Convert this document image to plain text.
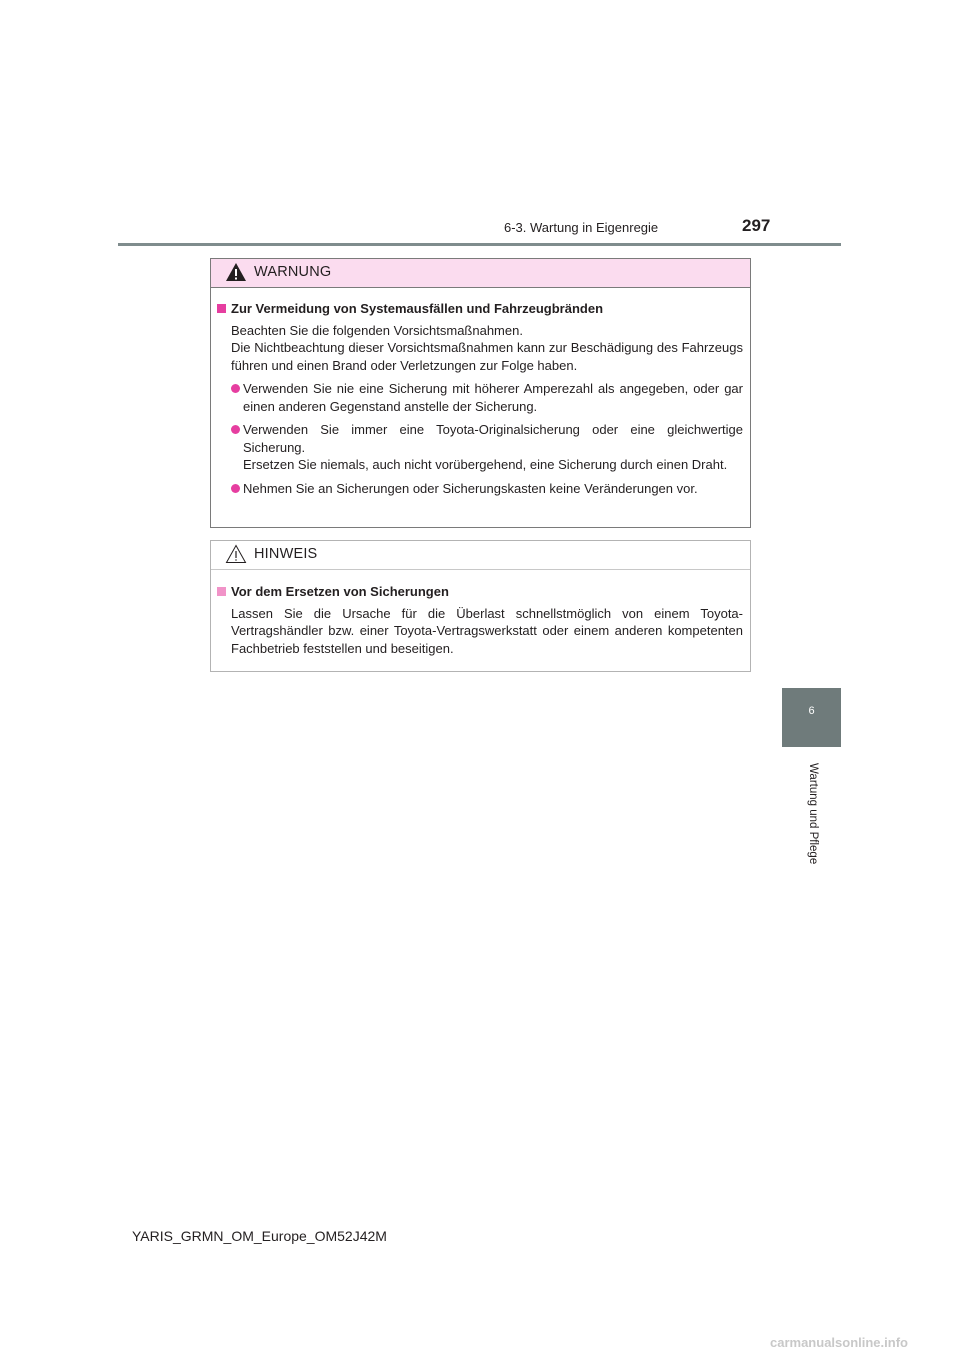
6-3. Wartung in Eigenregie	297
WARNUNG
Zur Vermeidung von Systemausfällen und Fahrzeugbränden
Beachten Sie die folgenden Vorsichtsmaßnahmen.
Die Nichtbeachtung dieser Vorsichtsmaßnahmen kann zur Beschädigung des Fahrzeugs führen und einen Brand oder Verletzungen zur Folge haben.
Verwenden Sie nie eine Sicherung mit höherer Amperezahl als angegeben, oder gar einen anderen Gegenstand anstelle der Sicherung.
Verwenden Sie immer eine Toyota-Originalsicherung oder eine gleichwertige Sicherung.
Ersetzen Sie niemals, auch nicht vorübergehend, eine Sicherung durch einen Draht.
Nehmen Sie an Sicherungen oder Sicherungskasten keine Veränderungen vor.
HINWEIS
Vor dem Ersetzen von Sicherungen
Lassen Sie die Ursache für die Überlast schnellstmöglich von einem Toyota-Vertragshändler bzw. einer Toyota-Vertragswerkstatt oder einem anderen kompetenten Fachbetrieb feststellen und beseitigen.
6
Wartung und Pflege
YARIS_GRMN_OM_Europe_OM52J42M
carmanualsonline.info
